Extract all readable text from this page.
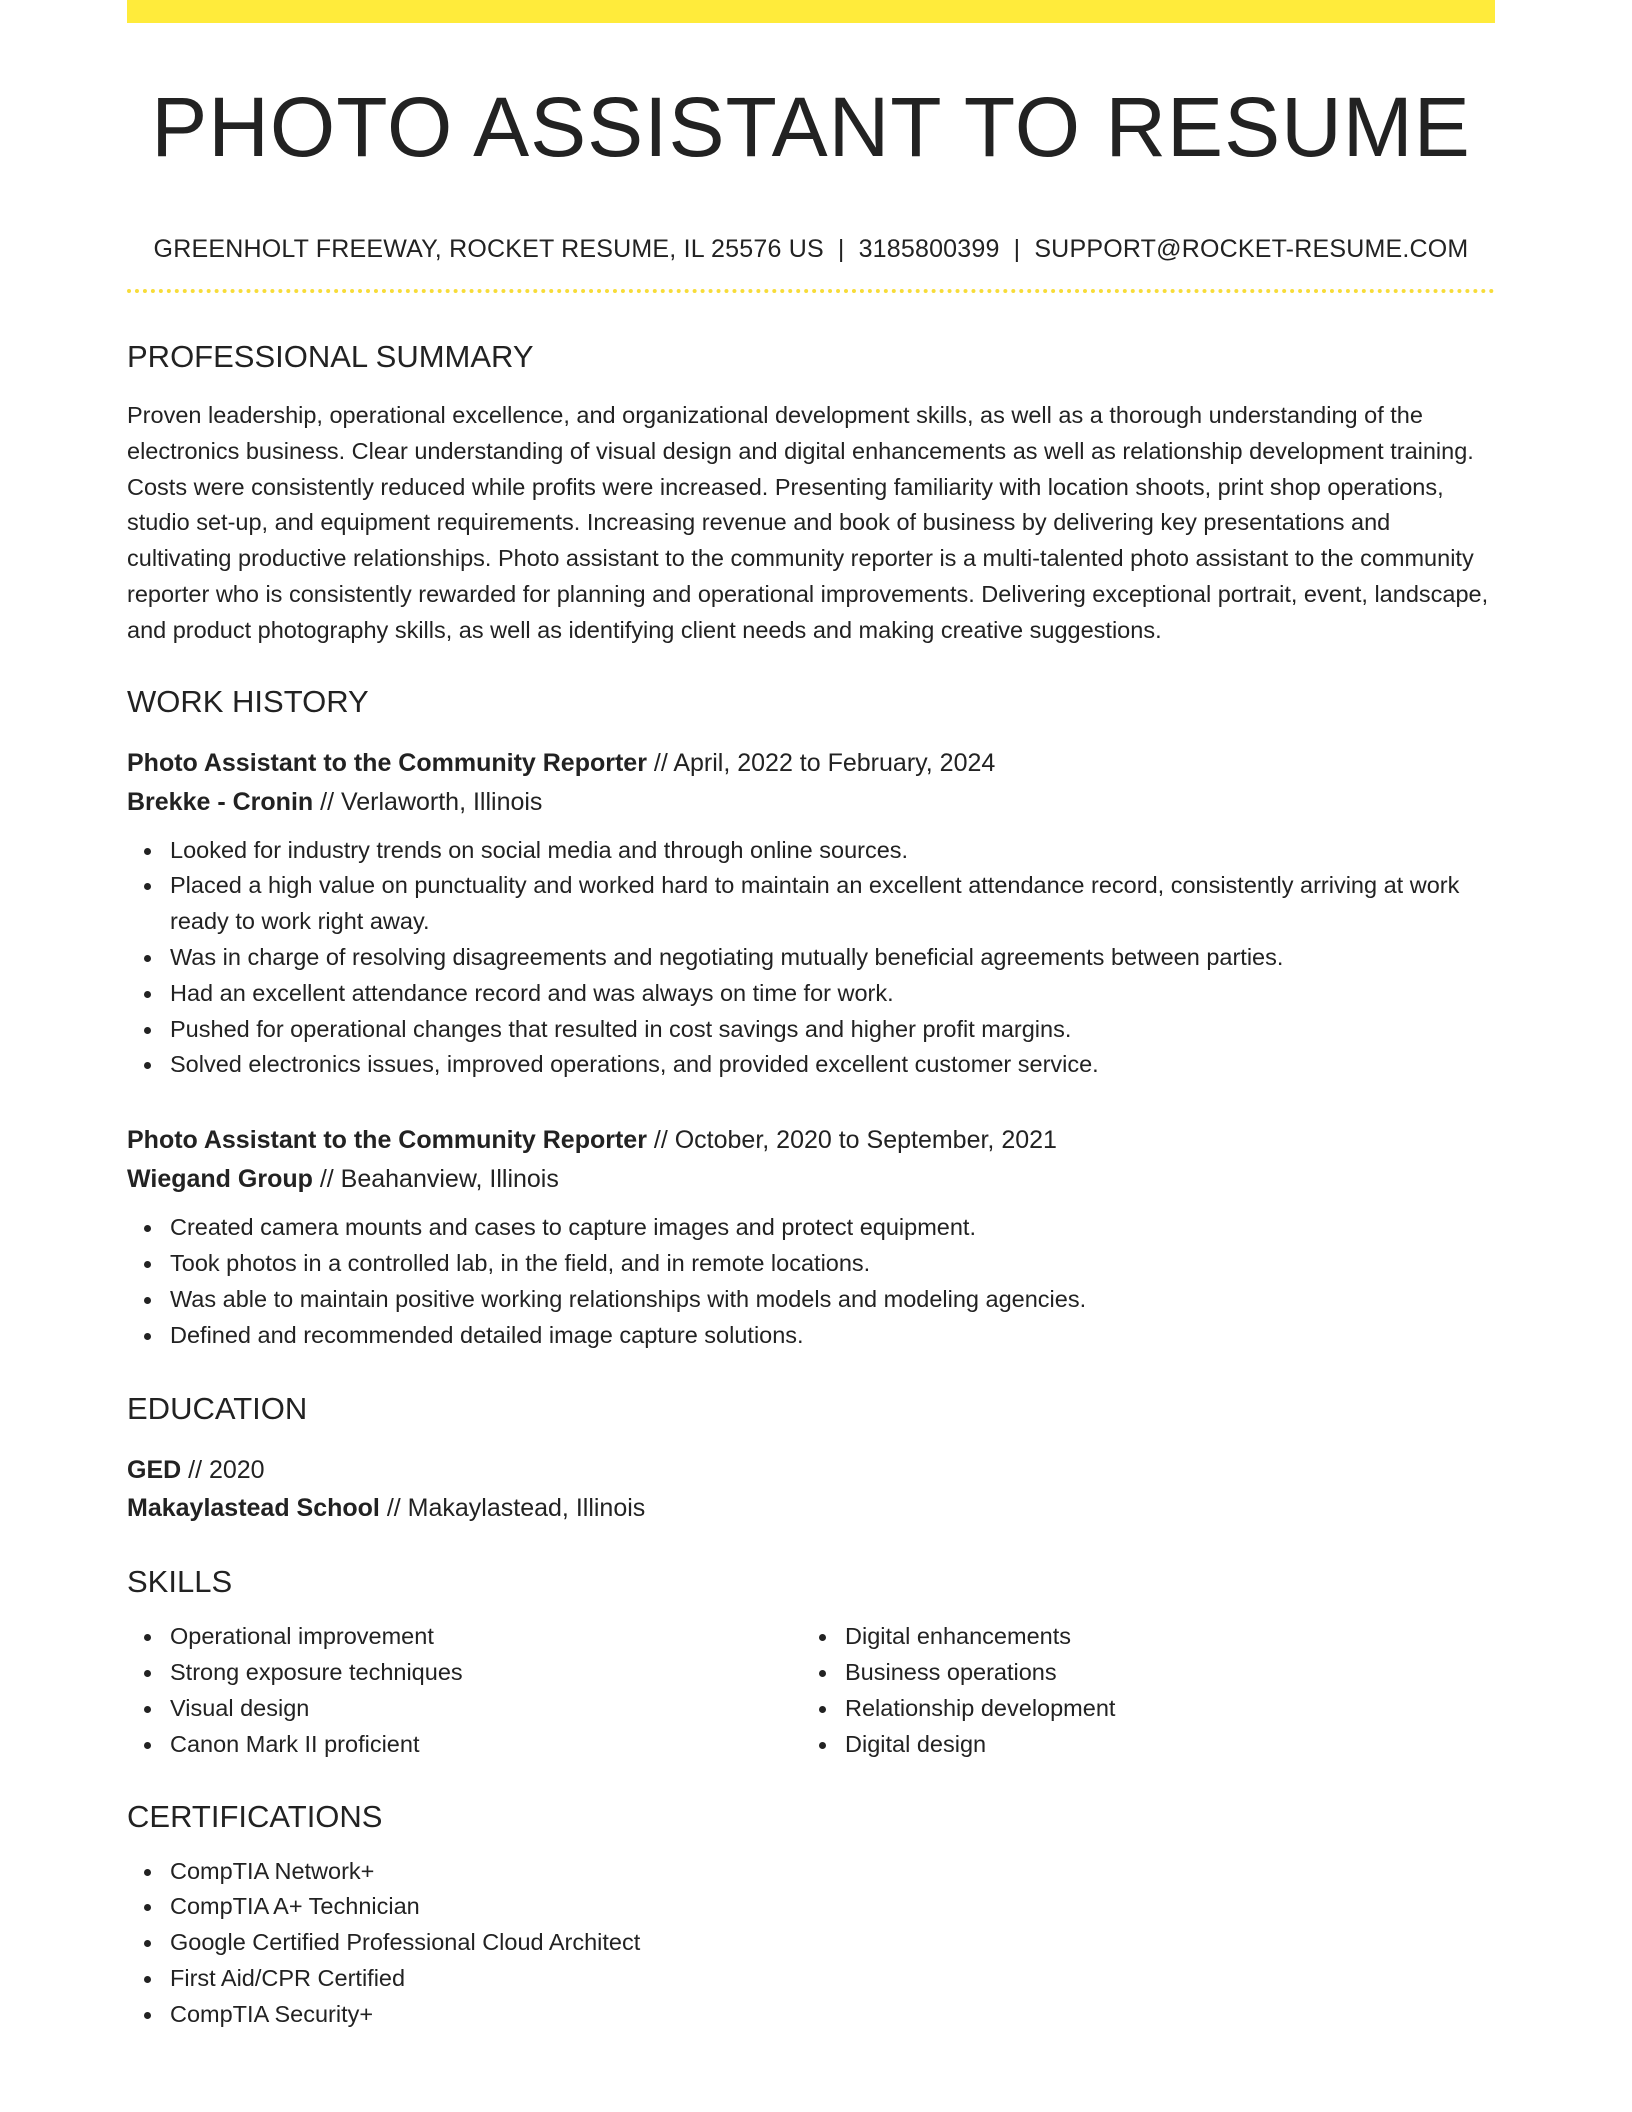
PHOTO ASSISTANT TO RESUME
GREENHOLT FREEWAY, ROCKET RESUME, IL 25576 US | 3185800399 | SUPPORT@ROCKET-RESUME.COM
PROFESSIONAL SUMMARY
Proven leadership, operational excellence, and organizational development skills, as well as a thorough understanding of the electronics business. Clear understanding of visual design and digital enhancements as well as relationship development training. Costs were consistently reduced while profits were increased. Presenting familiarity with location shoots, print shop operations, studio set-up, and equipment requirements. Increasing revenue and book of business by delivering key presentations and cultivating productive relationships. Photo assistant to the community reporter is a multi-talented photo assistant to the community reporter who is consistently rewarded for planning and operational improvements. Delivering exceptional portrait, event, landscape, and product photography skills, as well as identifying client needs and making creative suggestions.
WORK HISTORY
Photo Assistant to the Community Reporter // April, 2022 to February, 2024
Brekke - Cronin // Verlaworth, Illinois
Looked for industry trends on social media and through online sources.
Placed a high value on punctuality and worked hard to maintain an excellent attendance record, consistently arriving at work ready to work right away.
Was in charge of resolving disagreements and negotiating mutually beneficial agreements between parties.
Had an excellent attendance record and was always on time for work.
Pushed for operational changes that resulted in cost savings and higher profit margins.
Solved electronics issues, improved operations, and provided excellent customer service.
Photo Assistant to the Community Reporter // October, 2020 to September, 2021
Wiegand Group // Beahanview, Illinois
Created camera mounts and cases to capture images and protect equipment.
Took photos in a controlled lab, in the field, and in remote locations.
Was able to maintain positive working relationships with models and modeling agencies.
Defined and recommended detailed image capture solutions.
EDUCATION
GED // 2020
Makaylastead School // Makaylastead, Illinois
SKILLS
Operational improvement
Strong exposure techniques
Visual design
Canon Mark II proficient
Digital enhancements
Business operations
Relationship development
Digital design
CERTIFICATIONS
CompTIA Network+
CompTIA A+ Technician
Google Certified Professional Cloud Architect
First Aid/CPR Certified
CompTIA Security+
